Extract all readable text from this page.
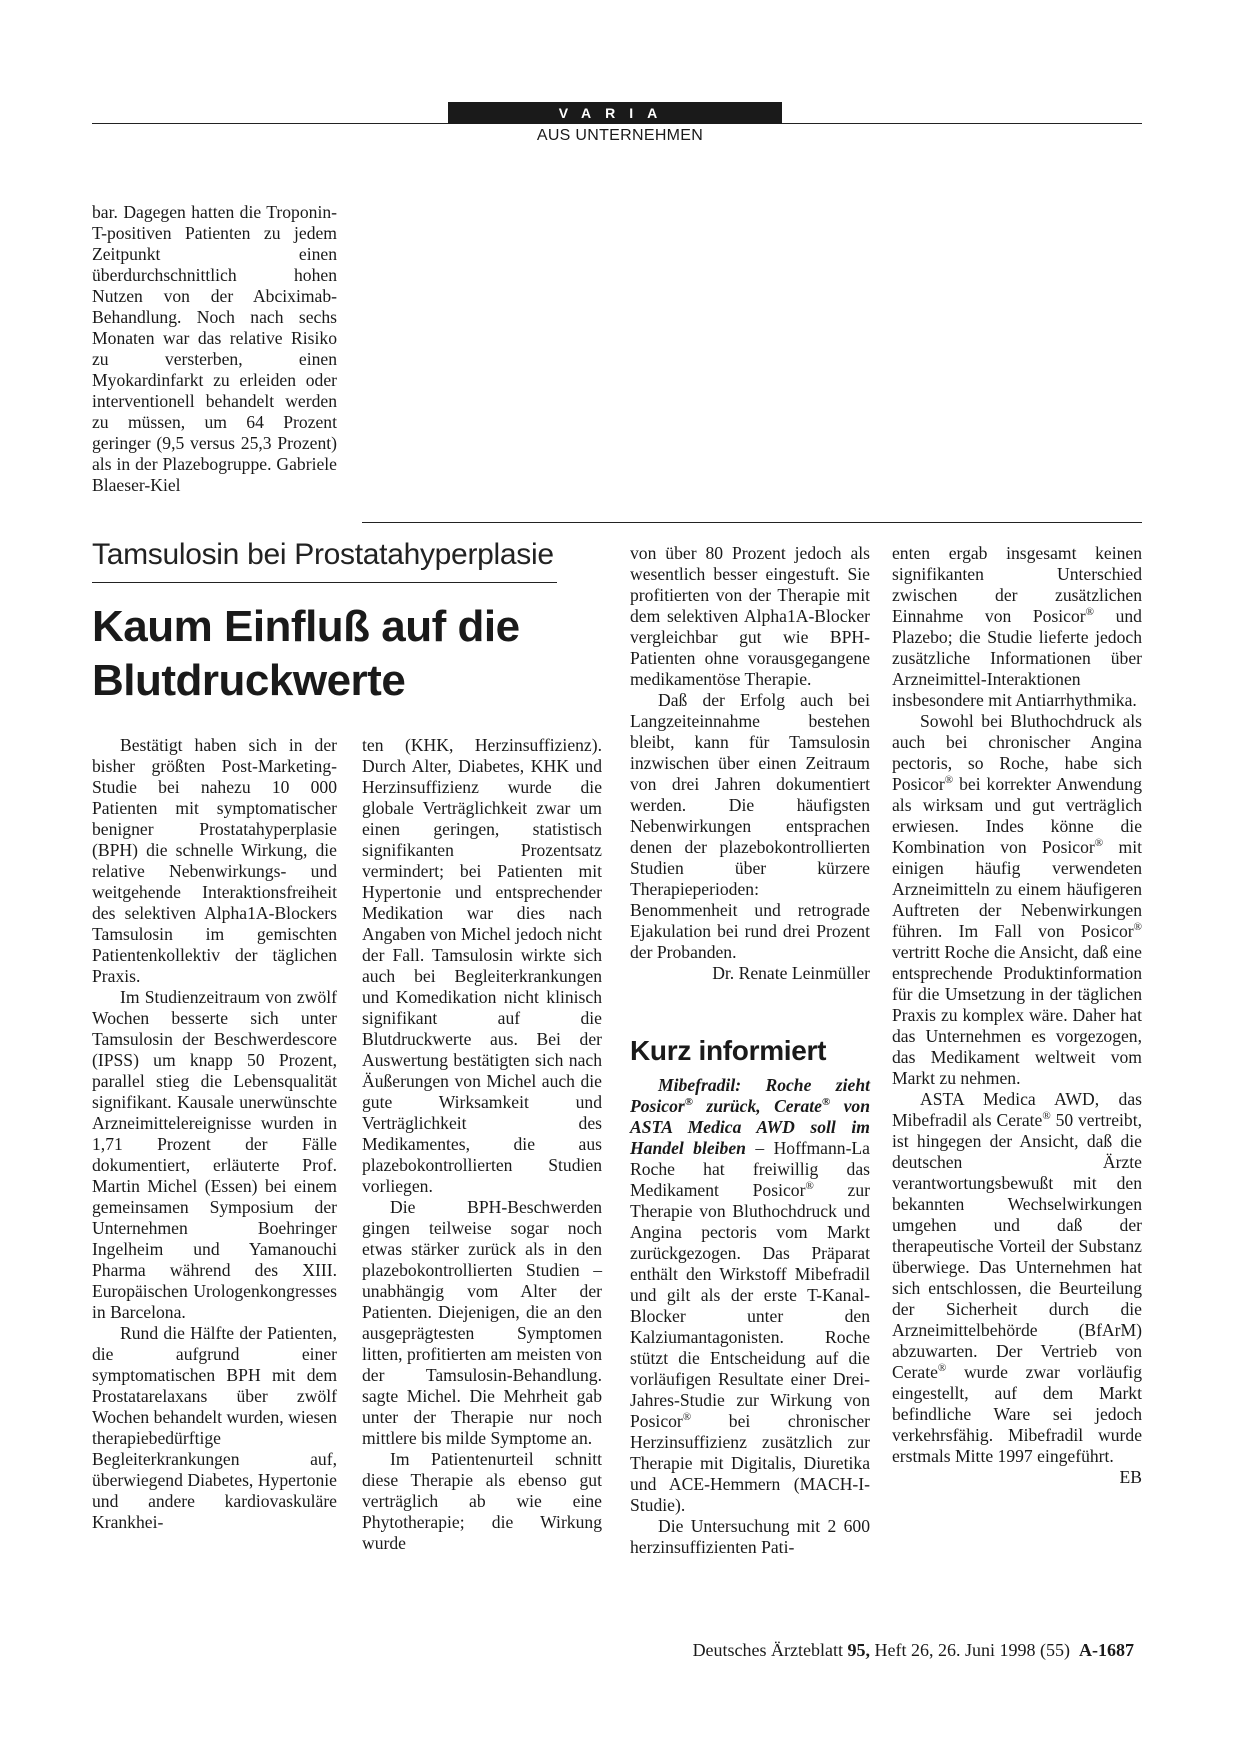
VARIA
AUS UNTERNEHMEN

bar. Dagegen hatten die Troponin-T-positiven Patienten zu jedem Zeitpunkt einen überdurchschnittlich hohen Nutzen von der Abciximab-Behandlung. Noch nach sechs Monaten war das relative Risiko zu versterben, einen Myokardinfarkt zu erleiden oder interventionell behandelt werden zu müssen, um 64 Prozent geringer (9,5 versus 25,3 Prozent) als in der Plazebogruppe. Gabriele Blaeser-Kiel

Tamsulosin bei Prostatahyperplasie
Kaum Einfluß auf die
Blutdruckwerte

Bestätigt haben sich in der bisher größten Post-Marketing-Studie bei nahezu 10 000 Patienten mit symptomatischer benigner Prostatahyperplasie (BPH) die schnelle Wirkung, die relative Nebenwirkungs- und weitgehende Interaktionsfreiheit des selektiven Alpha1A-Blockers Tamsulosin im gemischten Patientenkollektiv der täglichen Praxis.

Im Studienzeitraum von zwölf Wochen besserte sich unter Tamsulosin der Beschwerdescore (IPSS) um knapp 50 Prozent, parallel stieg die Lebensqualität signifikant. Kausale unerwünschte Arzneimittelereignisse wurden in 1,71 Prozent der Fälle dokumentiert, erläuterte Prof. Martin Michel (Essen) bei einem gemeinsamen Symposium der Unternehmen Boehringer Ingelheim und Yamanouchi Pharma während des XIII. Europäischen Urologenkongresses in Barcelona.

Rund die Hälfte der Patienten, die aufgrund einer symptomatischen BPH mit dem Prostatarelaxans über zwölf Wochen behandelt wurden, wiesen therapiebedürftige Begleiterkrankungen auf, überwiegend Diabetes, Hypertonie und andere kardiovaskuläre Krankhei-

ten (KHK, Herzinsuffizienz). Durch Alter, Diabetes, KHK und Herzinsuffizienz wurde die globale Verträglichkeit zwar um einen geringen, statistisch signifikanten Prozentsatz vermindert; bei Patienten mit Hypertonie und entsprechender Medikation war dies nach Angaben von Michel jedoch nicht der Fall. Tamsulosin wirkte sich auch bei Begleiterkrankungen und Komedikation nicht klinisch signifikant auf die Blutdruckwerte aus. Bei der Auswertung bestätigten sich nach Äußerungen von Michel auch die gute Wirksamkeit und Verträglichkeit des Medikamentes, die aus plazebokontrollierten Studien vorliegen.

Die BPH-Beschwerden gingen teilweise sogar noch etwas stärker zurück als in den plazebokontrollierten Studien – unabhängig vom Alter der Patienten. Diejenigen, die an den ausgeprägtesten Symptomen litten, profitierten am meisten von der Tamsulosin-Behandlung. sagte Michel. Die Mehrheit gab unter der Therapie nur noch mittlere bis milde Symptome an.

Im Patientenurteil schnitt diese Therapie als ebenso gut verträglich ab wie eine Phytotherapie; die Wirkung wurde

von über 80 Prozent jedoch als wesentlich besser eingestuft. Sie profitierten von der Therapie mit dem selektiven Alpha1A-Blocker vergleichbar gut wie BPH-Patienten ohne vorausgegangene medikamentöse Therapie.

Daß der Erfolg auch bei Langzeiteinnahme bestehen bleibt, kann für Tamsulosin inzwischen über einen Zeitraum von drei Jahren dokumentiert werden. Die häufigsten Nebenwirkungen entsprachen denen der plazebokontrollierten Studien über kürzere Therapieperioden: Benommenheit und retrograde Ejakulation bei rund drei Prozent der Probanden.

Dr. Renate Leinmüller

Kurz informiert

Mibefradil: Roche zieht Posicor® zurück, Cerate® von ASTA Medica AWD soll im Handel bleiben – Hoffmann-La Roche hat freiwillig das Medikament Posicor® zur Therapie von Bluthochdruck und Angina pectoris vom Markt zurückgezogen. Das Präparat enthält den Wirkstoff Mibefradil und gilt als der erste T-Kanal-Blocker unter den Kalziumantagonisten. Roche stützt die Entscheidung auf die vorläufigen Resultate einer Drei-Jahres-Studie zur Wirkung von Posicor® bei chronischer Herzinsuffizienz zusätzlich zur Therapie mit Digitalis, Diuretika und ACE-Hemmern (MACH-I-Studie).

Die Untersuchung mit 2 600 herzinsuffizienten Pati-

enten ergab insgesamt keinen signifikanten Unterschied zwischen der zusätzlichen Einnahme von Posicor® und Plazebo; die Studie lieferte jedoch zusätzliche Informationen über Arzneimittel-Interaktionen insbesondere mit Antiarrhythmika.

Sowohl bei Bluthochdruck als auch bei chronischer Angina pectoris, so Roche, habe sich Posicor® bei korrekter Anwendung als wirksam und gut verträglich erwiesen. Indes könne die Kombination von Posicor® mit einigen häufig verwendeten Arzneimitteln zu einem häufigeren Auftreten der Nebenwirkungen führen. Im Fall von Posicor® vertritt Roche die Ansicht, daß eine entsprechende Produktinformation für die Umsetzung in der täglichen Praxis zu komplex wäre. Daher hat das Unternehmen es vorgezogen, das Medikament weltweit vom Markt zu nehmen.

ASTA Medica AWD, das Mibefradil als Cerate® 50 vertreibt, ist hingegen der Ansicht, daß die deutschen Ärzte verantwortungsbewußt mit den bekannten Wechselwirkungen umgehen und daß der therapeutische Vorteil der Substanz überwiege. Das Unternehmen hat sich entschlossen, die Beurteilung der Sicherheit durch die Arzneimittelbehörde (BfArM) abzuwarten. Der Vertrieb von Cerate® wurde zwar vorläufig eingestellt, auf dem Markt befindliche Ware sei jedoch verkehrsfähig. Mibefradil wurde erstmals Mitte 1997 eingeführt.
EB

Deutsches Ärzteblatt 95, Heft 26, 26. Juni 1998 (55) A-1687
